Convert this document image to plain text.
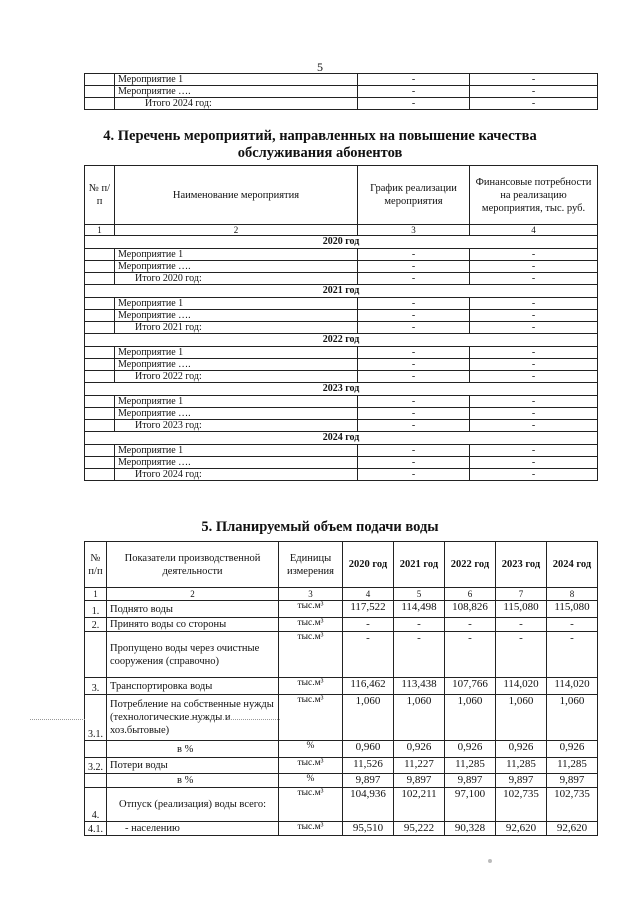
5
	Мероприятие 1	-	-
	Мероприятие ….	-	-
	Итого 2024 год:	-	-
4. Перечень мероприятий, направленных на повышение качества
обслуживания абонентов
№ п/п	Наименование мероприятия	График реализации мероприятия	Финансовые потребности на реализацию мероприятия, тыс. руб.
1	2	3	4
2020 год			
	Мероприятие 1	-	-
	Мероприятие ….	-	-
	Итого 2020 год:	-	-
2021 год			
	Мероприятие 1	-	-
	Мероприятие ….	-	-
	Итого 2021 год:	-	-
2022 год			
	Мероприятие 1	-	-
	Мероприятие ….	-	-
	Итого 2022 год:	-	-
2023 год			
	Мероприятие 1	-	-
	Мероприятие ….	-	-
	Итого 2023 год:	-	-
2024 год			
	Мероприятие 1	-	-
	Мероприятие ….	-	-
	Итого 2024 год:	-	-
5. Планируемый объем подачи воды
№ п/п	Показатели производственной деятельности	Единицы измерения	2020 год	2021 год	2022 год	2023 год	2024 год
1	2	3	4	5	6	7	8
1.	Поднято воды	тыс.м³	117,522	114,498	108,826	115,080	115,080
2.	Принято воды со стороны	тыс.м³	-	-	-	-	-
	Пропущено воды через очистные сооружения (справочно)	тыс.м³	-	-	-	-	-
3.	Транспортировка воды	тыс.м³	116,462	113,438	107,766	114,020	114,020
3.1.	Потребление на собственные нужды (технологические нужды и хоз.бытовые)	тыс.м³	1,060	1,060	1,060	1,060	1,060
	в %	%	0,960	0,926	0,926	0,926	0,926
3.2.	Потери воды	тыс.м³	11,526	11,227	11,285	11,285	11,285
	в %	%	9,897	9,897	9,897	9,897	9,897
4.	Отпуск (реализация) воды всего:	тыс.м³	104,936	102,211	97,100	102,735	102,735
4.1.	- населению	тыс.м³	95,510	95,222	90,328	92,620	92,620
